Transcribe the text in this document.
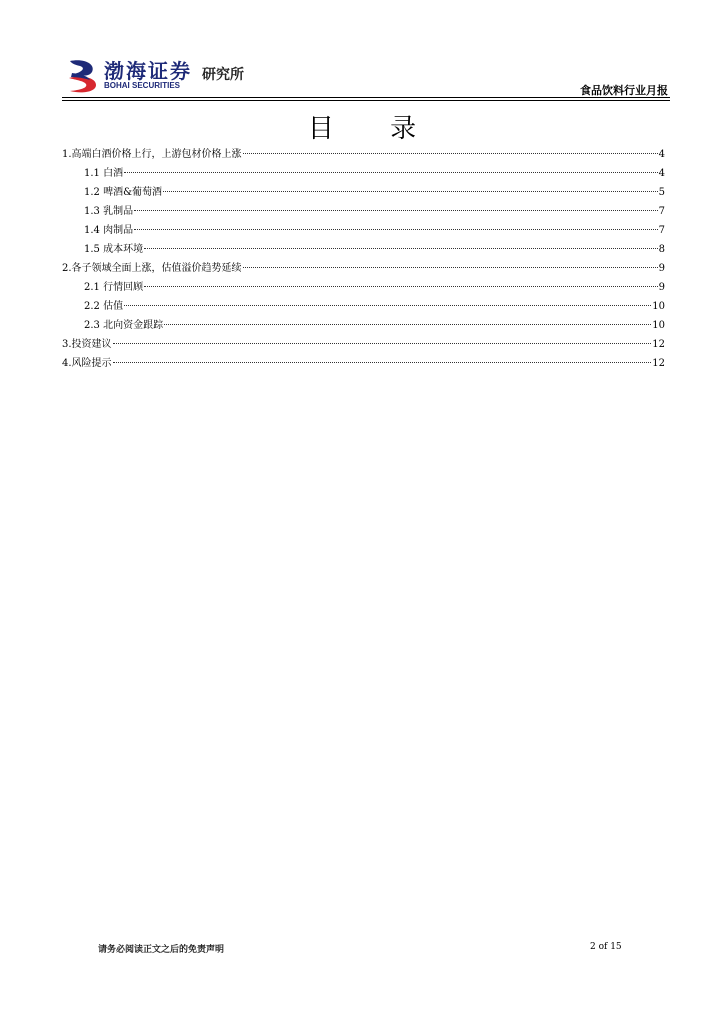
渤海证券
BOHAI SECURITIES
研究所
食品饮料行业月报
目 录
1.高端白酒价格上行，上游包材价格上涨	4
1.1 白酒	4
1.2 啤酒&葡萄酒	5
1.3 乳制品	7
1.4 肉制品	7
1.5 成本环境	8
2.各子领域全面上涨，估值溢价趋势延续	9
2.1 行情回顾	9
2.2 估值	10
2.3 北向资金跟踪	10
3.投资建议	12
4.风险提示	12
请务必阅读正文之后的免责声明	2 of 15
